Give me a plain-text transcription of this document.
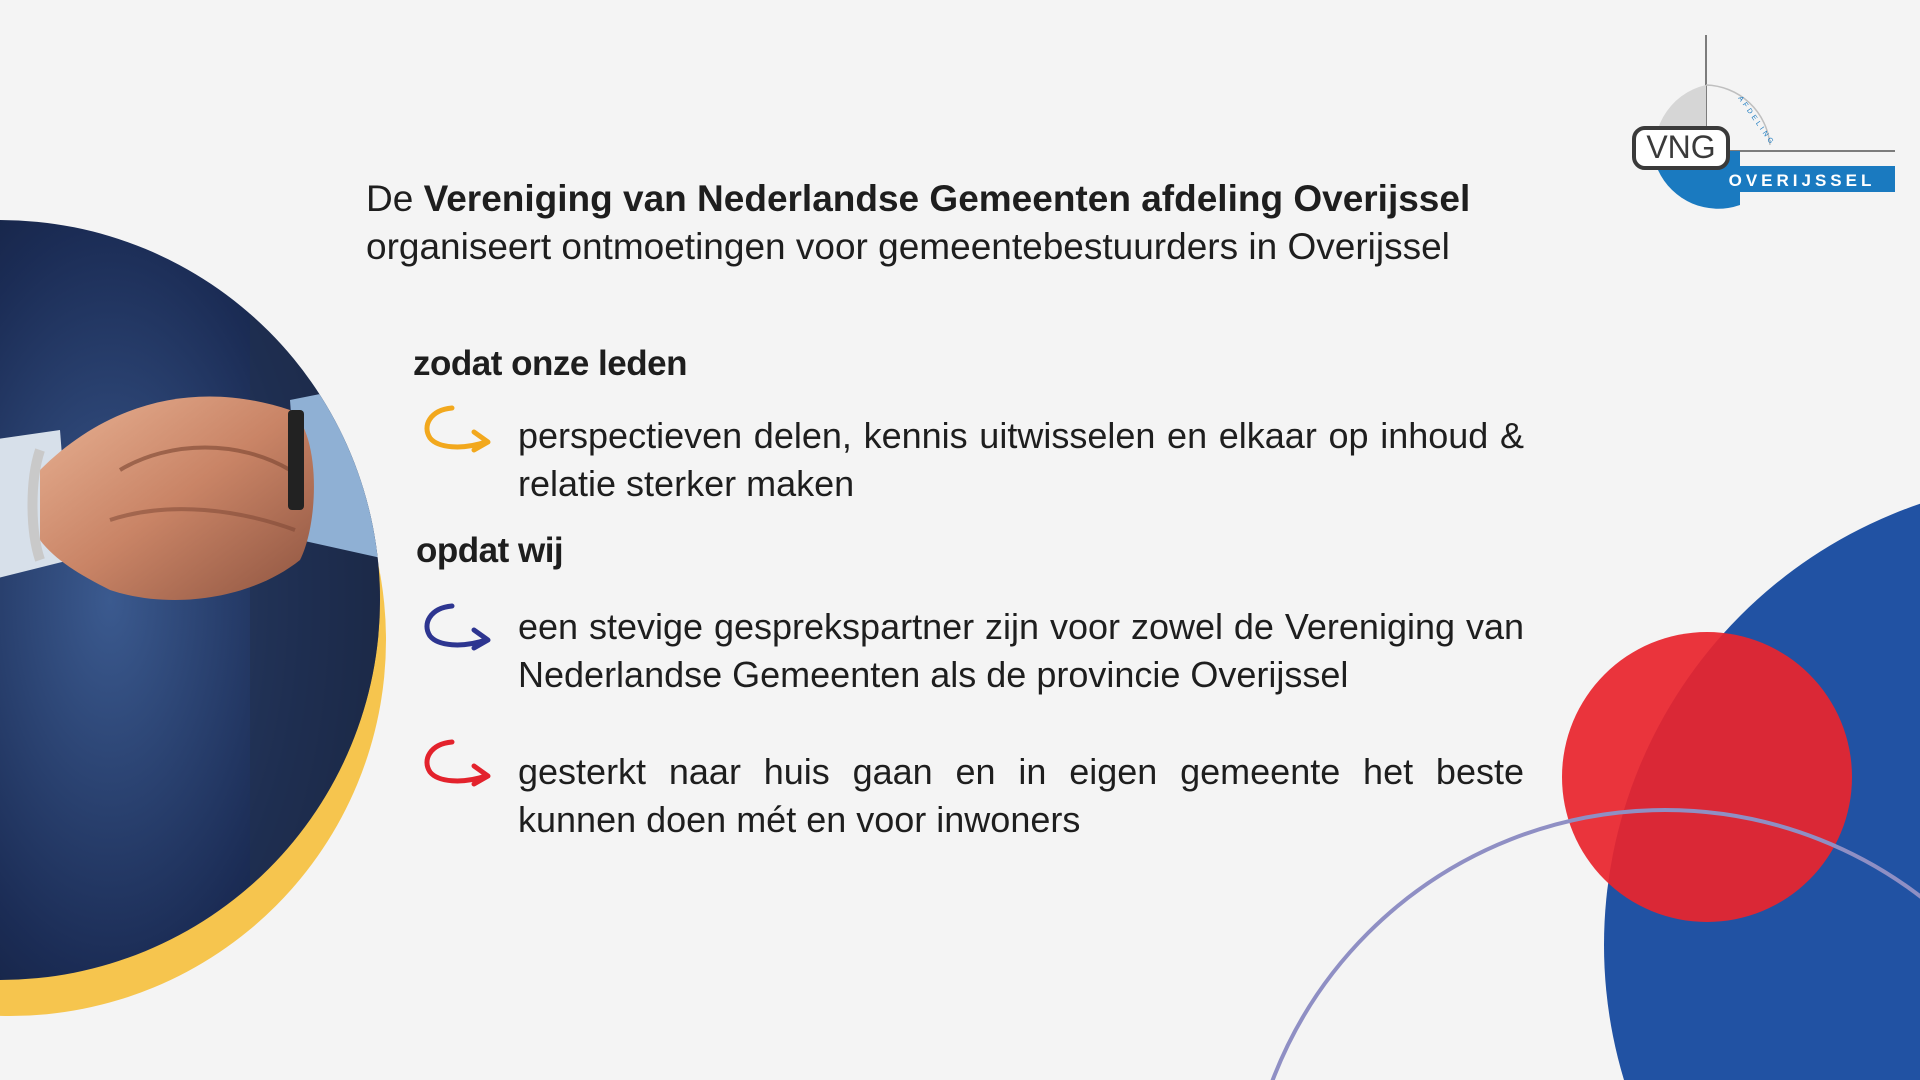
VNG
OVERIJSSEL
AFDELING
De Vereniging van Nederlandse Gemeenten afdeling Overijssel
organiseert ontmoetingen voor gemeentebestuurders in Overijssel
zodat onze leden
perspectieven delen, kennis uitwisselen en elkaar op inhoud & relatie sterker maken
opdat wij
een stevige gesprekspartner zijn voor zowel de Vereniging van Nederlandse Gemeenten als de provincie Overijssel
gesterkt naar huis gaan en in eigen gemeente het beste kunnen doen mét en voor inwoners
